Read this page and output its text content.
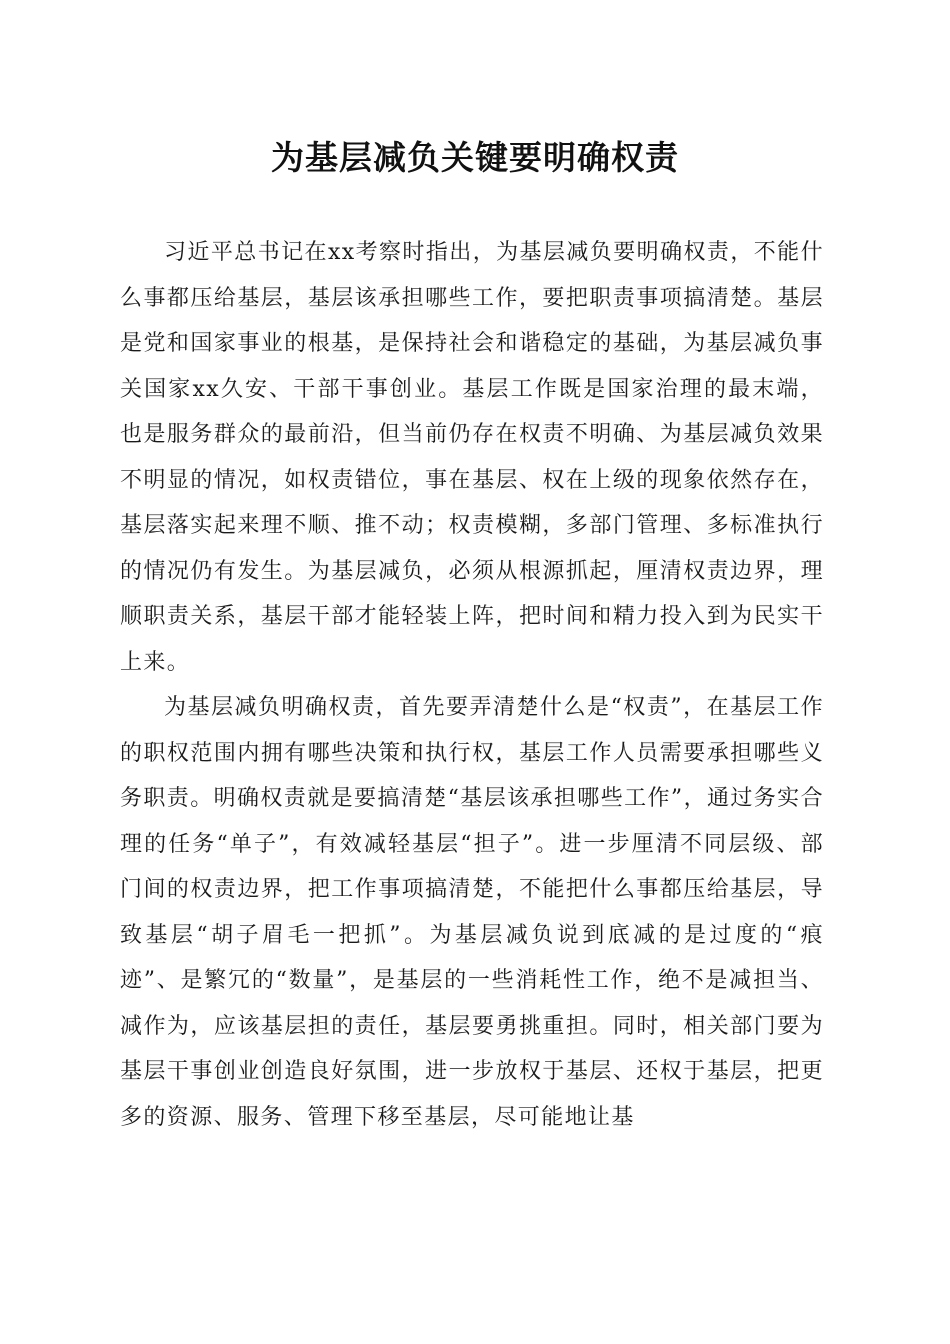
为基层减负关键要明确权责

习近平总书记在xx考察时指出，为基层减负要明确权责，不能什么事都压给基层，基层该承担哪些工作，要把职责事项搞清楚。基层是党和国家事业的根基，是保持社会和谐稳定的基础，为基层减负事关国家xx久安、干部干事创业。基层工作既是国家治理的最末端，也是服务群众的最前沿，但当前仍存在权责不明确、为基层减负效果不明显的情况，如权责错位，事在基层、权在上级的现象依然存在，基层落实起来理不顺、推不动；权责模糊，多部门管理、多标准执行的情况仍有发生。为基层减负，必须从根源抓起，厘清权责边界，理顺职责关系，基层干部才能轻装上阵，把时间和精力投入到为民实干上来。

为基层减负明确权责，首先要弄清楚什么是“权责”，在基层工作的职权范围内拥有哪些决策和执行权，基层工作人员需要承担哪些义务职责。明确权责就是要搞清楚“基层该承担哪些工作”，通过务实合理的任务“单子”，有效减轻基层“担子”。进一步厘清不同层级、部门间的权责边界，把工作事项搞清楚，不能把什么事都压给基层，导致基层“胡子眉毛一把抓”。为基层减负说到底减的是过度的“痕迹”、是繁冗的“数量”，是基层的一些消耗性工作，绝不是减担当、减作为，应该基层担的责任，基层要勇挑重担。同时，相关部门要为基层干事创业创造良好氛围，进一步放权于基层、还权于基层，把更多的资源、服务、管理下移至基层，尽可能地让基
